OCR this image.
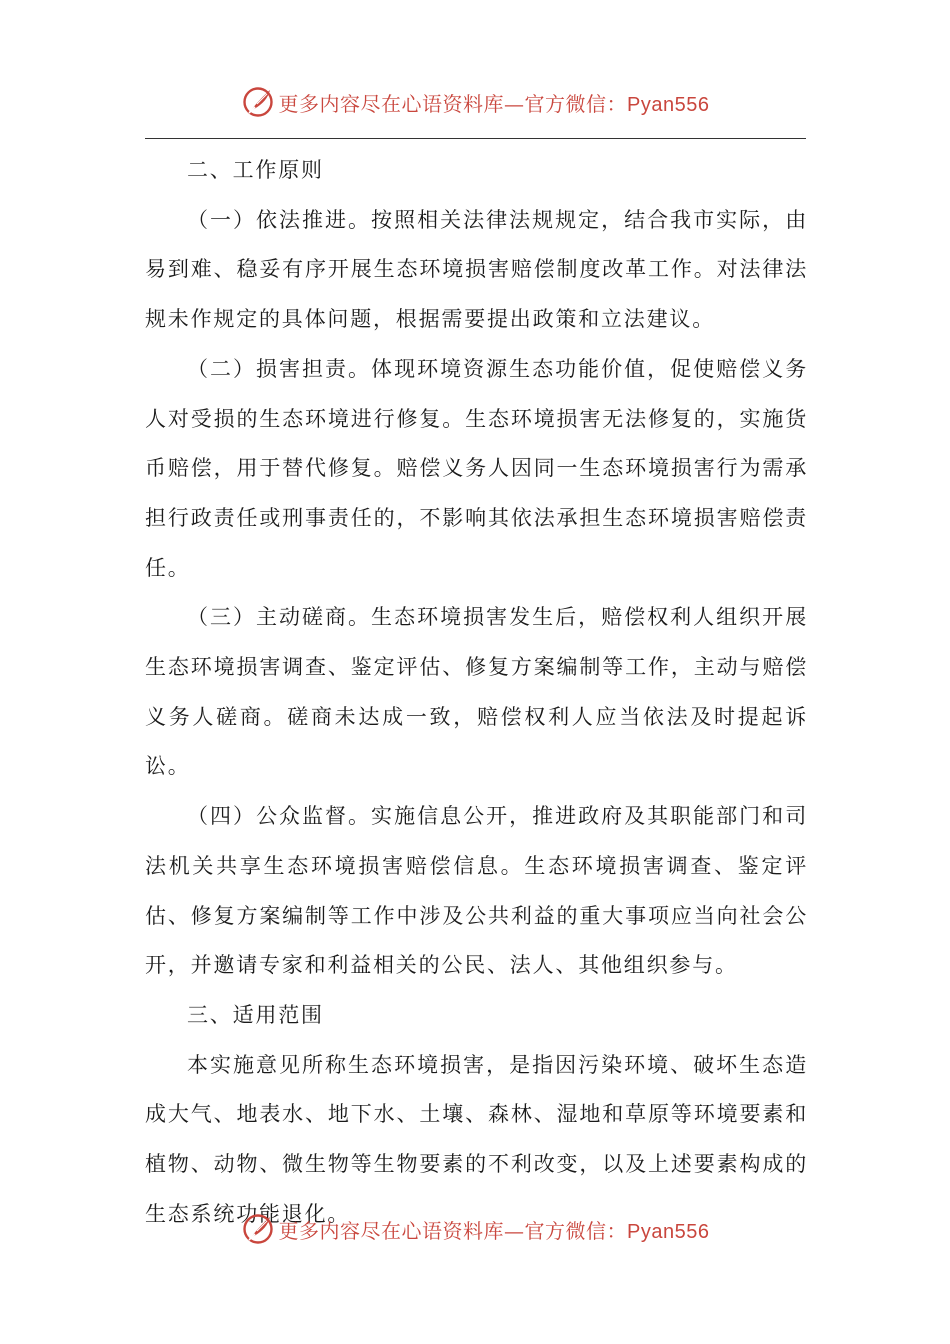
更多内容尽在心语资料库 — 官方微信： Pyan556

二、工作原则

（一）依法推进。按照相关法律法规规定，结合我市实际，由易到难、稳妥有序开展生态环境损害赔偿制度改革工作。对法律法规未作规定的具体问题，根据需要提出政策和立法建议。

（二）损害担责。体现环境资源生态功能价值，促使赔偿义务人对受损的生态环境进行修复。生态环境损害无法修复的，实施货币赔偿，用于替代修复。赔偿义务人因同一生态环境损害行为需承担行政责任或刑事责任的，不影响其依法承担生态环境损害赔偿责任。

（三）主动磋商。生态环境损害发生后，赔偿权利人组织开展生态环境损害调查、鉴定评估、修复方案编制等工作，主动与赔偿义务人磋商。磋商未达成一致，赔偿权利人应当依法及时提起诉讼。

（四）公众监督。实施信息公开，推进政府及其职能部门和司法机关共享生态环境损害赔偿信息。生态环境损害调查、鉴定评估、修复方案编制等工作中涉及公共利益的重大事项应当向社会公开，并邀请专家和利益相关的公民、法人、其他组织参与。

三、适用范围

本实施意见所称生态环境损害，是指因污染环境、破坏生态造成大气、地表水、地下水、土壤、森林、湿地和草原等环境要素和植物、动物、微生物等生物要素的不利改变，以及上述要素构成的生态系统功能退化。

更多内容尽在心语资料库 — 官方微信： Pyan556
